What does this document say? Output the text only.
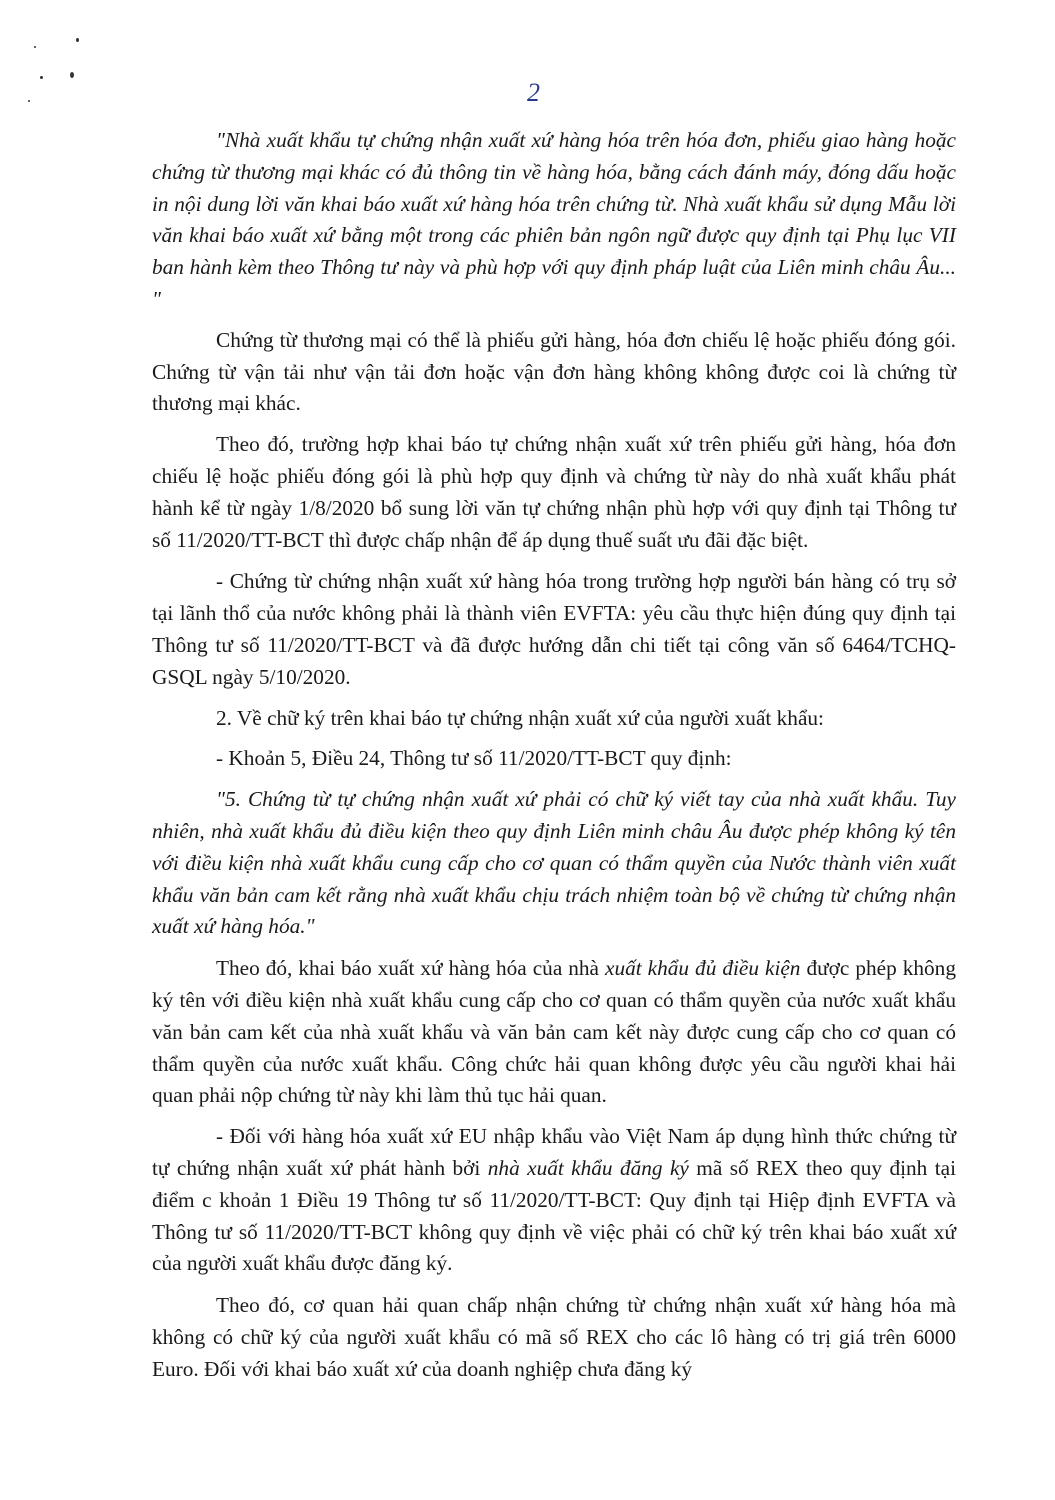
2

"Nhà xuất khẩu tự chứng nhận xuất xứ hàng hóa trên hóa đơn, phiếu giao hàng hoặc chứng từ thương mại khác có đủ thông tin về hàng hóa, bằng cách đánh máy, đóng dấu hoặc in nội dung lời văn khai báo xuất xứ hàng hóa trên chứng từ. Nhà xuất khẩu sử dụng Mẫu lời văn khai báo xuất xứ bằng một trong các phiên bản ngôn ngữ được quy định tại Phụ lục VII ban hành kèm theo Thông tư này và phù hợp với quy định pháp luật của Liên minh châu Âu... "

Chứng từ thương mại có thể là phiếu gửi hàng, hóa đơn chiếu lệ hoặc phiếu đóng gói. Chứng từ vận tải như vận tải đơn hoặc vận đơn hàng không không được coi là chứng từ thương mại khác.

Theo đó, trường hợp khai báo tự chứng nhận xuất xứ trên phiếu gửi hàng, hóa đơn chiếu lệ hoặc phiếu đóng gói là phù hợp quy định và chứng từ này do nhà xuất khẩu phát hành kể từ ngày 1/8/2020 bổ sung lời văn tự chứng nhận phù hợp với quy định tại Thông tư số 11/2020/TT-BCT thì được chấp nhận để áp dụng thuế suất ưu đãi đặc biệt.

- Chứng từ chứng nhận xuất xứ hàng hóa trong trường hợp người bán hàng có trụ sở tại lãnh thổ của nước không phải là thành viên EVFTA: yêu cầu thực hiện đúng quy định tại Thông tư số 11/2020/TT-BCT và đã được hướng dẫn chi tiết tại công văn số 6464/TCHQ-GSQL ngày 5/10/2020.

2. Về chữ ký trên khai báo tự chứng nhận xuất xứ của người xuất khẩu:

- Khoản 5, Điều 24, Thông tư số 11/2020/TT-BCT quy định:

"5. Chứng từ tự chứng nhận xuất xứ phải có chữ ký viết tay của nhà xuất khẩu. Tuy nhiên, nhà xuất khẩu đủ điều kiện theo quy định Liên minh châu Âu được phép không ký tên với điều kiện nhà xuất khẩu cung cấp cho cơ quan có thẩm quyền của Nước thành viên xuất khẩu văn bản cam kết rằng nhà xuất khẩu chịu trách nhiệm toàn bộ về chứng từ chứng nhận xuất xứ hàng hóa."

Theo đó, khai báo xuất xứ hàng hóa của nhà xuất khẩu đủ điều kiện được phép không ký tên với điều kiện nhà xuất khẩu cung cấp cho cơ quan có thẩm quyền của nước xuất khẩu văn bản cam kết của nhà xuất khẩu và văn bản cam kết này được cung cấp cho cơ quan có thẩm quyền của nước xuất khẩu. Công chức hải quan không được yêu cầu người khai hải quan phải nộp chứng từ này khi làm thủ tục hải quan.

- Đối với hàng hóa xuất xứ EU nhập khẩu vào Việt Nam áp dụng hình thức chứng từ tự chứng nhận xuất xứ phát hành bởi nhà xuất khẩu đăng ký mã số REX theo quy định tại điểm c khoản 1 Điều 19 Thông tư số 11/2020/TT-BCT: Quy định tại Hiệp định EVFTA và Thông tư số 11/2020/TT-BCT không quy định về việc phải có chữ ký trên khai báo xuất xứ của người xuất khẩu được đăng ký.

Theo đó, cơ quan hải quan chấp nhận chứng từ chứng nhận xuất xứ hàng hóa mà không có chữ ký của người xuất khẩu có mã số REX cho các lô hàng có trị giá trên 6000 Euro. Đối với khai báo xuất xứ của doanh nghiệp chưa đăng ký
